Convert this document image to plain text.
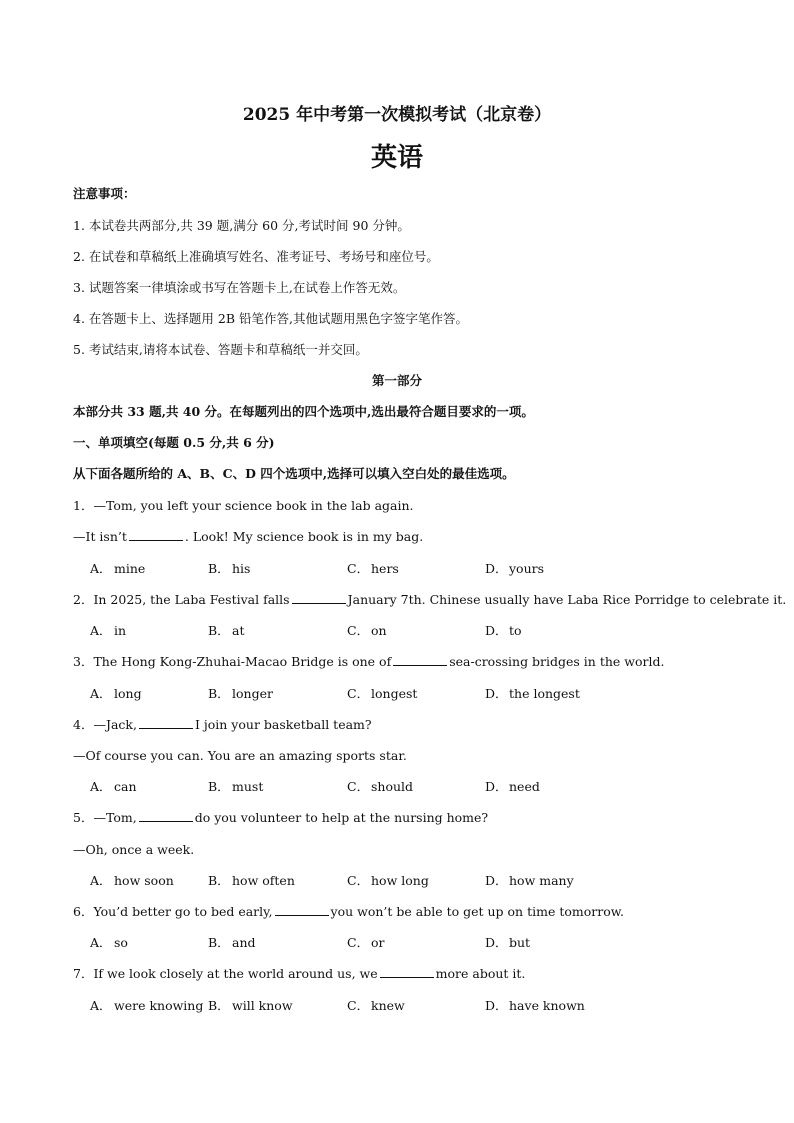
2025 年中考第一次模拟考试（北京卷）
英语
注意事项：
1. 本试卷共两部分,共 39 题,满分 60 分,考试时间 90 分钟。
2. 在试卷和草稿纸上准确填写姓名、准考证号、考场号和座位号。
3. 试题答案一律填涂或书写在答题卡上,在试卷上作答无效。
4. 在答题卡上、选择题用 2B 铅笔作答,其他试题用黑色字签字笔作答。
5. 考试结束,请将本试卷、答题卡和草稿纸一并交回。
第一部分
本部分共 33 题,共 40 分。在每题列出的四个选项中,选出最符合题目要求的一项。
一、单项填空(每题 0.5 分,共 6 分)
从下面各题所给的 A、B、C、D 四个选项中,选择可以填入空白处的最佳选项。
1．—Tom, you left your science book in the lab again.
—It isn’t	. Look! My science book is in my bag.
A． mine	B． his	C． hers	D．yours
2．In 2025, the Laba Festival falls	January 7th. Chinese usually have Laba Rice Porridge to celebrate it.
A． in	B． at	C． on	D．to
3．The Hong Kong-Zhuhai-Macao Bridge is one of	sea-crossing bridges in the world.
A． long	B． longer	C． longest	D．the longest
4．—Jack,	I join your basketball team?
—Of course you can. You are an amazing sports star.
A． can	B． must	C． should	D．need
5．—Tom,	do you volunteer to help at the nursing home?
—Oh, once a week.
A． how soon	B． how often	C． how long	D．how many
6．You’d better go to bed early,	you won’t be able to get up on time tomorrow.
A． so	B． and	C． or	D．but
7．If we look closely at the world around us, we	more about it.
A． were knowing B． will know	C． knew	D．have known
